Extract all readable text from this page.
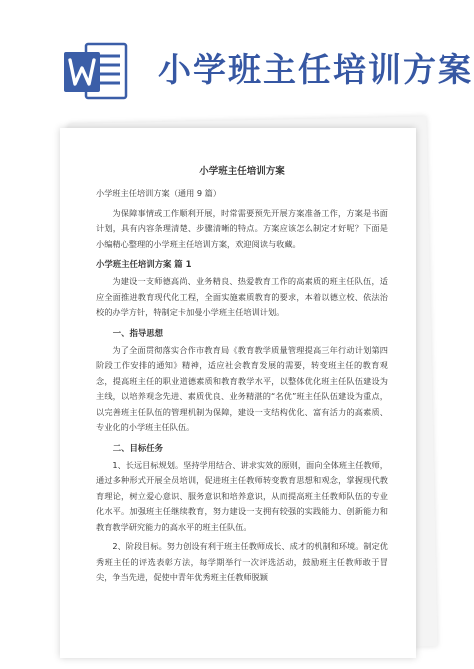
小学班主任培训方案
小学班主任培训方案
小学班主任培训方案（通用 9 篇）
为保障事情或工作顺利开展，时常需要预先开展方案准备工作，方案是书面计划，具有内容条理清楚、步骤清晰的特点。方案应该怎么制定才好呢？下面是小编精心整理的小学班主任培训方案，欢迎阅读与收藏。
小学班主任培训方案 篇 1
为建设一支师德高尚、业务精良、热爱教育工作的高素质的班主任队伍，适应全面推进教育现代化工程，全面实施素质教育的要求，本着以德立校、依法治校的办学方针，特制定卡加曼小学班主任培训计划。
一、指导思想
为了全面贯彻落实合作市教育局《教育教学质量管理提高三年行动计划第四阶段工作安排的通知》精神，适应社会教育发展的需要，转变班主任的教育观念，提高班主任的职业道德素质和教育教学水平，以整体优化班主任队伍建设为主线，以培养观念先进、素质优良、业务精湛的“名优”班主任队伍建设为重点，以完善班主任队伍的管理机制为保障，建设一支结构优化、富有活力的高素质、专业化的小学班主任队伍。
二、目标任务
1、长远目标规划。坚持学用结合、讲求实效的原则，面向全体班主任教师，通过多种形式开展全员培训，促进班主任教师转变教育思想和观念，掌握现代教育理论，树立爱心意识、服务意识和培养意识，从而提高班主任教师队伍的专业化水平。加强班主任继续教育，努力建设一支拥有较强的实践能力、创新能力和教育教学研究能力的高水平的班主任队伍。
2、阶段目标。努力创设有利于班主任教师成长、成才的机制和环境。制定优秀班主任的评选表彰方法，每学期举行一次评选活动，鼓励班主任教师敢于冒尖，争当先进，促使中青年优秀班主任教师脱颖
